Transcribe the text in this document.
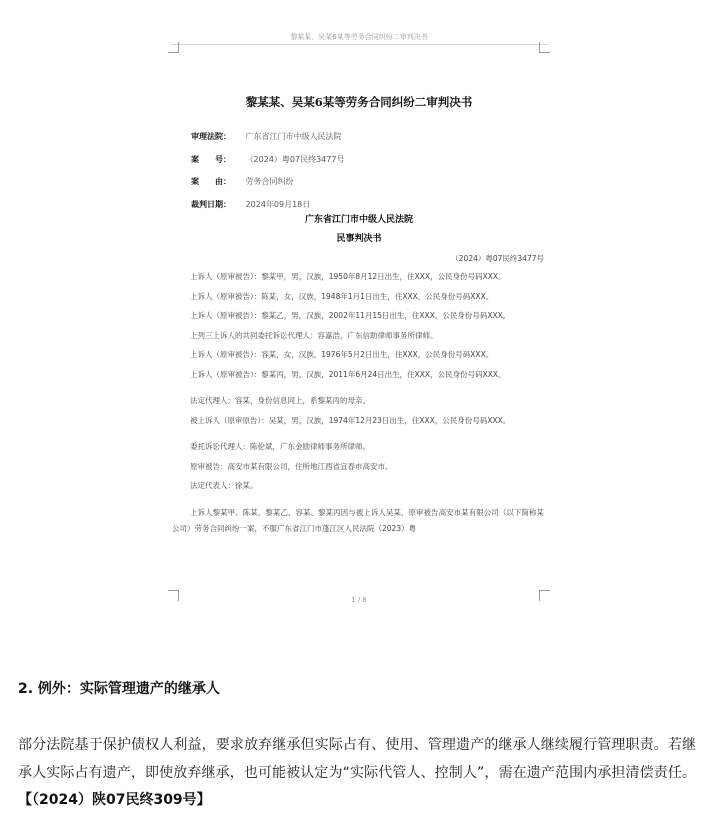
黎某某、吴某6某等劳务合同纠纷二审判决书
黎某某、吴某6某等劳务合同纠纷二审判决书
审理法院： 广东省江门市中级人民法院
案　　号： （2024）粤07民终3477号
案　　由： 劳务合同纠纷
裁判日期： 2024年09月18日
广东省江门市中级人民法院
民事判决书
（2024）粤07民终3477号

上诉人（原审被告）：黎某甲，男，汉族，1950年8月12日出生，住XXX，公民身份号码XXX。

上诉人（原审被告）：陈某，女，汉族，1948年1月1日出生，住XXX，公民身份号码XXX。

上诉人（原审被告）：黎某乙，男，汉族，2002年11月15日出生，住XXX，公民身份号码XXX。

上列三上诉人的共同委托诉讼代理人：容嘉浩，广东信助律师事务所律师。

上诉人（原审被告）：容某，女，汉族，1976年5月2日出生，住XXX，公民身份号码XXX。

上诉人（原审被告）：黎某丙，男，汉族，2011年6月24日出生，住XXX，公民身份号码XXX。

法定代理人：容某，身份信息同上，系黎某丙的母亲。

被上诉人（原审原告）：吴某，男，汉族，1974年12月23日出生，住XXX，公民身份号码XXX。

委托诉讼代理人：陈伦斌，广东金励律师事务所律师。

原审被告：高安市某有限公司，住所地江西省宜春市高安市。

法定代表人：徐某。

上诉人黎某甲、陈某、黎某乙、容某、黎某丙因与被上诉人吴某、原审被告高安市某有限公司（以下简称某公司）劳务合同纠纷一案，不服广东省江门市蓬江区人民法院（2023）粤

1 / 8
2. 例外：实际管理遗产的继承人

部分法院基于保护债权人利益，要求放弃继承但实际占有、使用、管理遗产的继承人继续履行管理职责。若继承人实际占有遗产，即使放弃继承，也可能被认定为“实际代管人、控制人”，需在遗产范围内承担清偿责任。【（2024）陕07民终309号】
